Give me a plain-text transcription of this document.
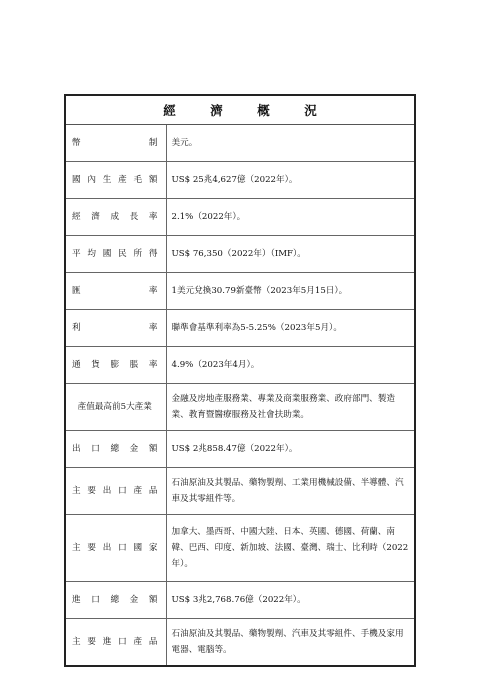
經　濟　概　況
幣　　　　　制	美元。
國內生產毛額	US$ 25兆4,627億（2022年）。
經濟成長率	2.1%（2022年）。
平均國民所得	US$ 76,350（2022年）（IMF）。
匯　　　　　率	1美元兌換30.79新臺幣（2023年5月15日）。
利　　　　　率	聯準會基準利率為5-5.25%（2023年5月）。
通貨膨脹率	4.9%（2023年4月）。
產值最高前5大產業	金融及房地產服務業、專業及商業服務業、政府部門、製造業、教育暨醫療服務及社會扶助業。
出口總金額	US$ 2兆858.47億（2022年）。
主要出口產品	石油原油及其製品、藥物製劑、工業用機械設備、半導體、汽車及其零組件等。
主要出口國家	加拿大、墨西哥、中國大陸、日本、英國、德國、荷蘭、南韓、巴西、印度、新加坡、法國、臺灣、瑞士、比利時（2022年）。
進口總金額	US$ 3兆2,768.76億（2022年）。
主要進口產品	石油原油及其製品、藥物製劑、汽車及其零組件、手機及家用電器、電腦等。
